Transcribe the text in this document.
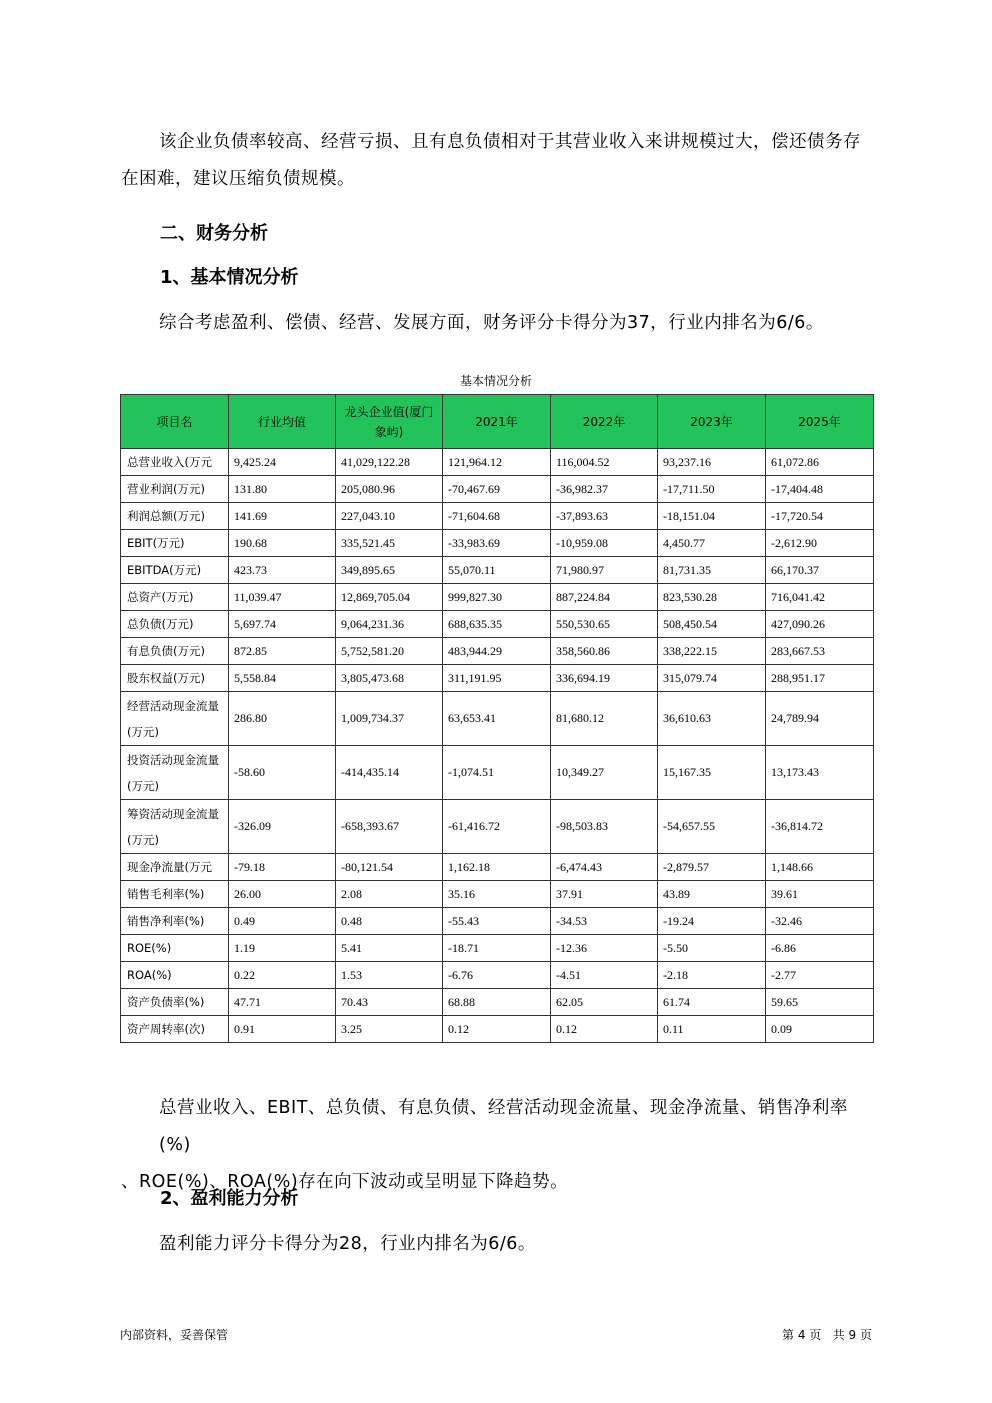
该企业负债率较高、经营亏损、且有息负债相对于其营业收入来讲规模过大，偿还债务存
在困难，建议压缩负债规模。
二、财务分析
1、基本情况分析
综合考虑盈利、偿债、经营、发展方面，财务评分卡得分为37，行业内排名为6/6。
基本情况分析
项目名	行业均值	龙头企业值(厦门象屿)	2021年	2022年	2023年	2025年
总营业收入(万元	9,425.24	41,029,122.28	121,964.12	116,004.52	93,237.16	61,072.86
营业利润(万元)	131.80	205,080.96	-70,467.69	-36,982.37	-17,711.50	-17,404.48
利润总额(万元)	141.69	227,043.10	-71,604.68	-37,893.63	-18,151.04	-17,720.54
EBIT(万元)	190.68	335,521.45	-33,983.69	-10,959.08	4,450.77	-2,612.90
EBITDA(万元)	423.73	349,895.65	55,070.11	71,980.97	81,731.35	66,170.37
总资产(万元)	11,039.47	12,869,705.04	999,827.30	887,224.84	823,530.28	716,041.42
总负债(万元)	5,697.74	9,064,231.36	688,635.35	550,530.65	508,450.54	427,090.26
有息负债(万元)	872.85	5,752,581.20	483,944.29	358,560.86	338,222.15	283,667.53
股东权益(万元)	5,558.84	3,805,473.68	311,191.95	336,694.19	315,079.74	288,951.17
经营活动现金流量(万元)	286.80	1,009,734.37	63,653.41	81,680.12	36,610.63	24,789.94
投资活动现金流量(万元)	-58.60	-414,435.14	-1,074.51	10,349.27	15,167.35	13,173.43
筹资活动现金流量(万元)	-326.09	-658,393.67	-61,416.72	-98,503.83	-54,657.55	-36,814.72
现金净流量(万元	-79.18	-80,121.54	1,162.18	-6,474.43	-2,879.57	1,148.66
销售毛利率(%)	26.00	2.08	35.16	37.91	43.89	39.61
销售净利率(%)	0.49	0.48	-55.43	-34.53	-19.24	-32.46
ROE(%)	1.19	5.41	-18.71	-12.36	-5.50	-6.86
ROA(%)	0.22	1.53	-6.76	-4.51	-2.18	-2.77
资产负债率(%)	47.71	70.43	68.88	62.05	61.74	59.65
资产周转率(次)	0.91	3.25	0.12	0.12	0.11	0.09
总营业收入、EBIT、总负债、有息负债、经营活动现金流量、现金净流量、销售净利率(%)
、ROE(%)、ROA(%)存在向下波动或呈明显下降趋势。
2、盈利能力分析
盈利能力评分卡得分为28，行业内排名为6/6。
内部资料，妥善保管	第 4 页   共 9 页
